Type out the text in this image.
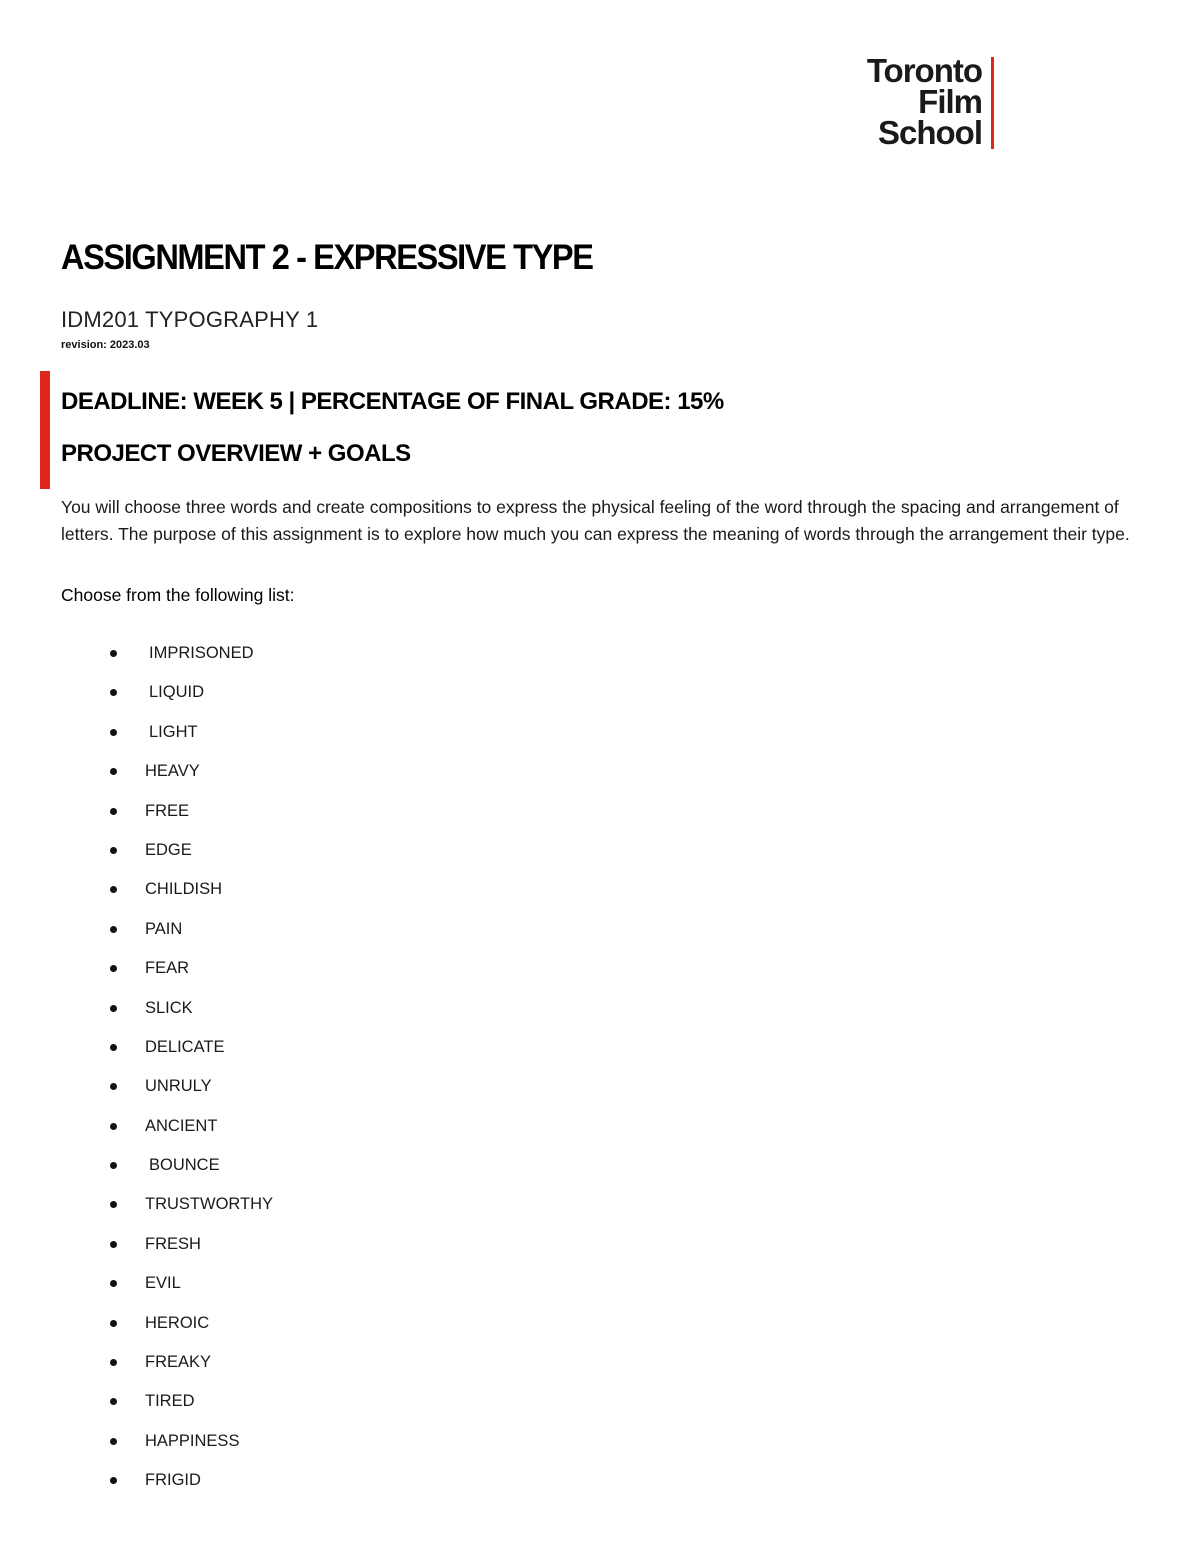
Toronto
Film
School
ASSIGNMENT 2 - EXPRESSIVE TYPE
IDM201 TYPOGRAPHY 1
revision: 2023.03
DEADLINE: WEEK 5 | PERCENTAGE OF FINAL GRADE: 15%
PROJECT OVERVIEW + GOALS

You will choose three words and create compositions to express the physical feeling of the word through the spacing and arrangement of letters. The purpose of this assignment is to explore how much you can express the meaning of words through the arrangement their type.

Choose from the following list:

IMPRISONED
LIQUID
LIGHT
HEAVY
FREE
EDGE
CHILDISH
PAIN
FEAR
SLICK
DELICATE
UNRULY
ANCIENT
BOUNCE
TRUSTWORTHY
FRESH
EVIL
HEROIC
FREAKY
TIRED
HAPPINESS
FRIGID
